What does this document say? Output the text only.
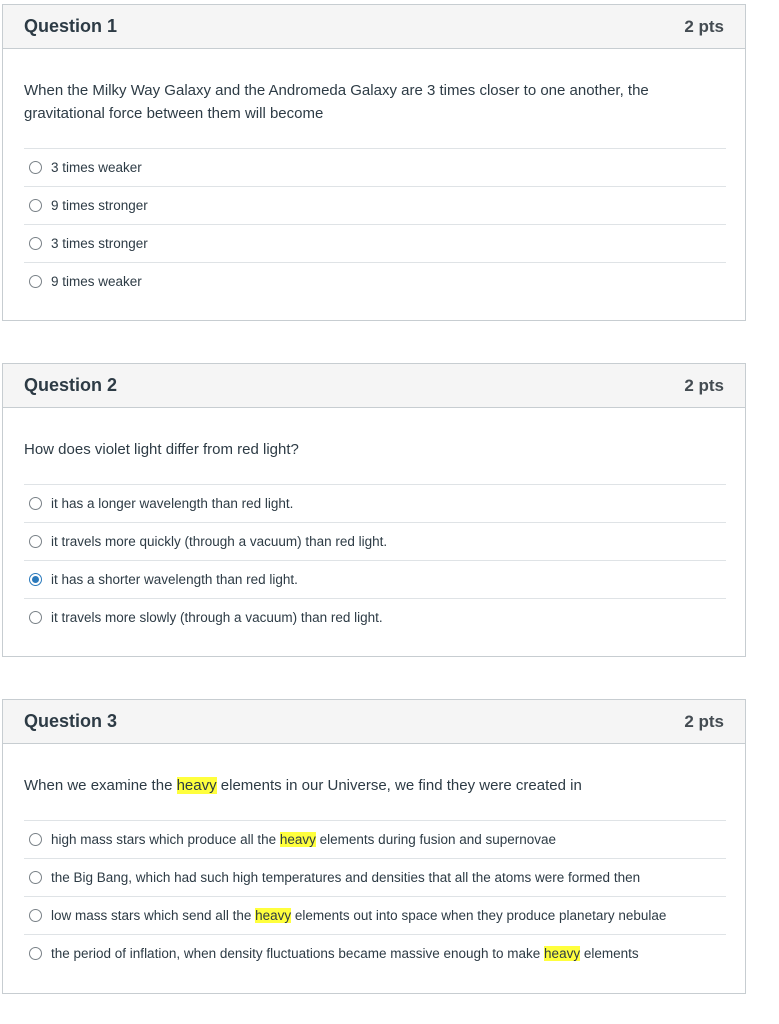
Question 1	2 pts
When the Milky Way Galaxy and the Andromeda Galaxy are 3 times closer to one another, the gravitational force between them will become
3 times weaker
9 times stronger
3 times stronger
9 times weaker
Question 2	2 pts
How does violet light differ from red light?
it has a longer wavelength than red light.
it travels more quickly (through a vacuum) than red light.
it has a shorter wavelength than red light.
it travels more slowly (through a vacuum) than red light.
Question 3	2 pts
When we examine the heavy elements in our Universe, we find they were created in
high mass stars which produce all the heavy elements during fusion and supernovae
the Big Bang, which had such high temperatures and densities that all the atoms were formed then
low mass stars which send all the heavy elements out into space when they produce planetary nebulae
the period of inflation, when density fluctuations became massive enough to make heavy elements
